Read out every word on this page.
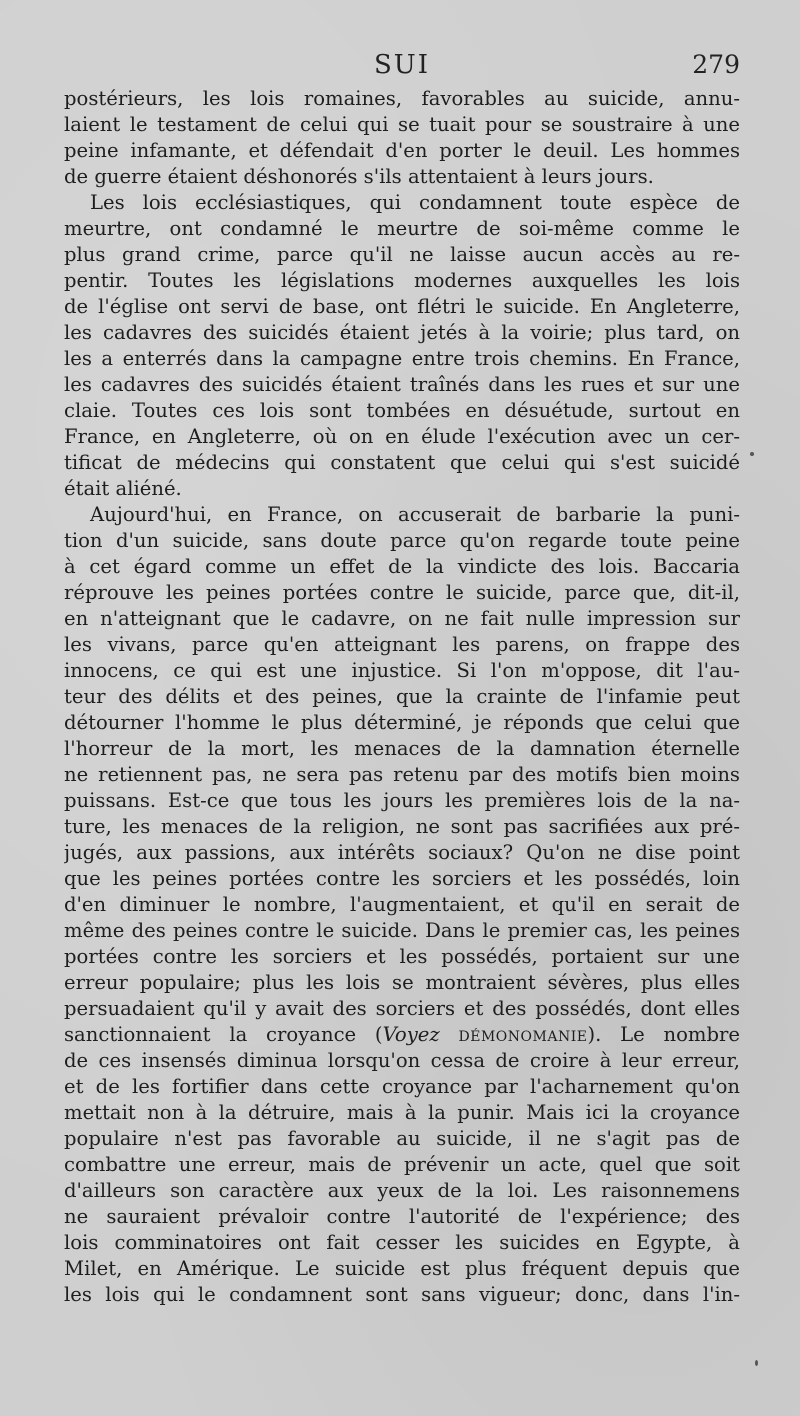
SUI	279
postérieurs, les lois romaines, favorables au suicide, annu-
laient le testament de celui qui se tuait pour se soustraire à une
peine infamante, et défendait d'en porter le deuil. Les hommes
de guerre étaient déshonorés s'ils attentaient à leurs jours.
Les lois ecclésiastiques, qui condamnent toute espèce de
meurtre, ont condamné le meurtre de soi-même comme le
plus grand crime, parce qu'il ne laisse aucun accès au re-
pentir. Toutes les législations modernes auxquelles les lois
de l'église ont servi de base, ont flétri le suicide. En Angleterre,
les cadavres des suicidés étaient jetés à la voirie; plus tard, on
les a enterrés dans la campagne entre trois chemins. En France,
les cadavres des suicidés étaient traînés dans les rues et sur une
claie. Toutes ces lois sont tombées en désuétude, surtout en
France, en Angleterre, où on en élude l'exécution avec un cer-
tificat de médecins qui constatent que celui qui s'est suicidé
était aliéné.
Aujourd'hui, en France, on accuserait de barbarie la puni-
tion d'un suicide, sans doute parce qu'on regarde toute peine
à cet égard comme un effet de la vindicte des lois. Baccaria
réprouve les peines portées contre le suicide, parce que, dit-il,
en n'atteignant que le cadavre, on ne fait nulle impression sur
les vivans, parce qu'en atteignant les parens, on frappe des
innocens, ce qui est une injustice. Si l'on m'oppose, dit l'au-
teur des délits et des peines, que la crainte de l'infamie peut
détourner l'homme le plus déterminé, je réponds que celui que
l'horreur de la mort, les menaces de la damnation éternelle
ne retiennent pas, ne sera pas retenu par des motifs bien moins
puissans. Est-ce que tous les jours les premières lois de la na-
ture, les menaces de la religion, ne sont pas sacrifiées aux pré-
jugés, aux passions, aux intérêts sociaux? Qu'on ne dise point
que les peines portées contre les sorciers et les possédés, loin
d'en diminuer le nombre, l'augmentaient, et qu'il en serait de
même des peines contre le suicide. Dans le premier cas, les peines
portées contre les sorciers et les possédés, portaient sur une
erreur populaire; plus les lois se montraient sévères, plus elles
persuadaient qu'il y avait des sorciers et des possédés, dont elles
sanctionnaient la croyance (Voyez DÉMONOMANIE). Le nombre
de ces insensés diminua lorsqu'on cessa de croire à leur erreur,
et de les fortifier dans cette croyance par l'acharnement qu'on
mettait non à la détruire, mais à la punir. Mais ici la croyance
populaire n'est pas favorable au suicide, il ne s'agit pas de
combattre une erreur, mais de prévenir un acte, quel que soit
d'ailleurs son caractère aux yeux de la loi. Les raisonnemens
ne sauraient prévaloir contre l'autorité de l'expérience; des
lois comminatoires ont fait cesser les suicides en Egypte, à
Milet, en Amérique. Le suicide est plus fréquent depuis que
les lois qui le condamnent sont sans vigueur; donc, dans l'in-
